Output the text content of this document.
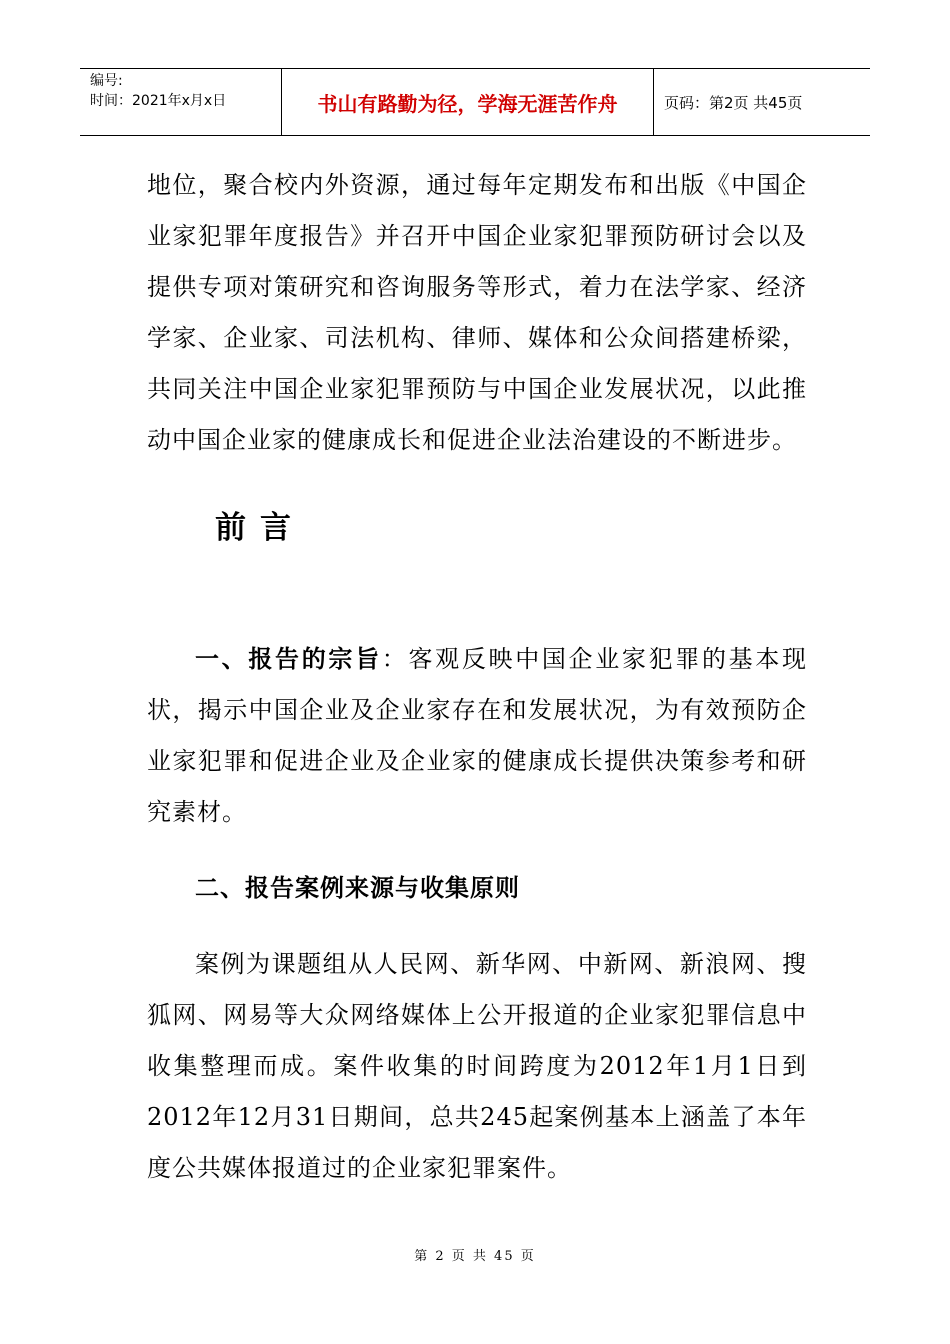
编号:
时间：2021年x月x日	书山有路勤为径，学海无涯苦作舟	页码：第2页 共45页

地位，聚合校内外资源，通过每年定期发布和出版《中国企业家犯罪年度报告》并召开中国企业家犯罪预防研讨会以及提供专项对策研究和咨询服务等形式，着力在法学家、经济学家、企业家、司法机构、律师、媒体和公众间搭建桥梁，共同关注中国企业家犯罪预防与中国企业发展状况，以此推动中国企业家的健康成长和促进企业法治建设的不断进步。

前言

一、报告的宗旨：客观反映中国企业家犯罪的基本现状，揭示中国企业及企业家存在和发展状况，为有效预防企业家犯罪和促进企业及企业家的健康成长提供决策参考和研究素材。

二、报告案例来源与收集原则

案例为课题组从人民网、新华网、中新网、新浪网、搜狐网、网易等大众网络媒体上公开报道的企业家犯罪信息中收集整理而成。案件收集的时间跨度为2012年1月1日到2012年12月31日期间，总共245起案例基本上涵盖了本年度公共媒体报道过的企业家犯罪案件。

第 2 页 共 45 页
